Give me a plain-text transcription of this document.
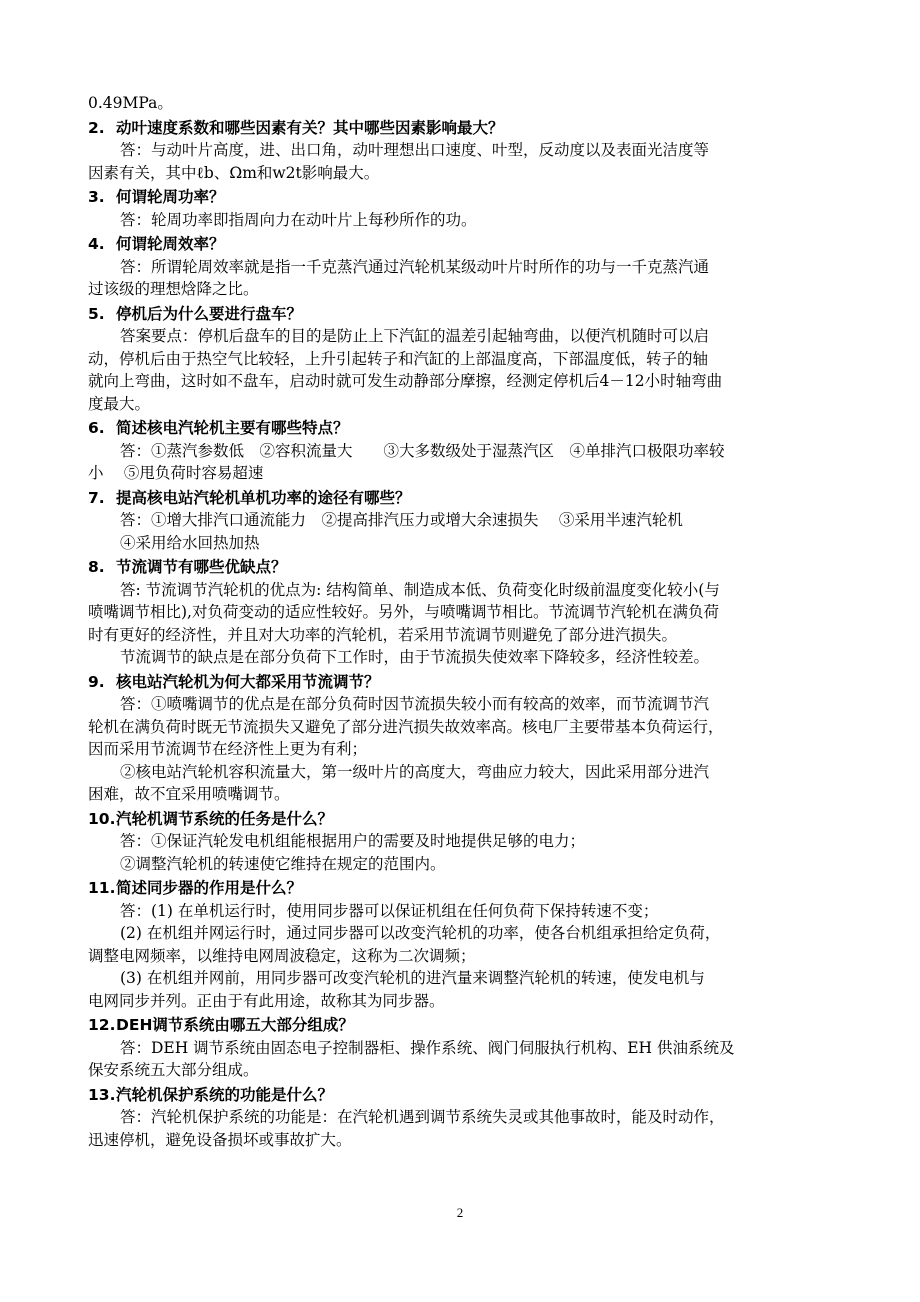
0.49MPa。
2. 动叶速度系数和哪些因素有关？其中哪些因素影响最大？
答：与动叶片高度，进、出口角，动叶理想出口速度、叶型，反动度以及表面光洁度等
因素有关，其中ℓb、Ωm和w2t影响最大。
3. 何谓轮周功率？
答：轮周功率即指周向力在动叶片上每秒所作的功。
4. 何谓轮周效率？
答：所谓轮周效率就是指一千克蒸汽通过汽轮机某级动叶片时所作的功与一千克蒸汽通
过该级的理想焓降之比。
5. 停机后为什么要进行盘车？
答案要点：停机后盘车的目的是防止上下汽缸的温差引起轴弯曲，以便汽机随时可以启
动，停机后由于热空气比较轻，上升引起转子和汽缸的上部温度高，下部温度低，转子的轴
就向上弯曲，这时如不盘车，启动时就可发生动静部分摩擦，经测定停机后4－12小时轴弯曲
度最大。
6. 简述核电汽轮机主要有哪些特点？
答：①蒸汽参数低　②容积流量大　　③大多数级处于湿蒸汽区　④单排汽口极限功率较
小　 ⑤甩负荷时容易超速
7. 提高核电站汽轮机单机功率的途径有哪些？
答：①增大排汽口通流能力　②提高排汽压力或增大余速损失　 ③采用半速汽轮机
④采用给水回热加热
8. 节流调节有哪些优缺点？
答: 节流调节汽轮机的优点为: 结构简单、制造成本低、负荷变化时级前温度变化较小(与
喷嘴调节相比),对负荷变动的适应性较好。另外，与喷嘴调节相比。节流调节汽轮机在满负荷
时有更好的经济性，并且对大功率的汽轮机，若采用节流调节则避免了部分进汽损失。
节流调节的缺点是在部分负荷下工作时，由于节流损失使效率下降较多，经济性较差。
9. 核电站汽轮机为何大都采用节流调节？
答：①喷嘴调节的优点是在部分负荷时因节流损失较小而有较高的效率，而节流调节汽
轮机在满负荷时既无节流损失又避免了部分进汽损失故效率高。核电厂主要带基本负荷运行，
因而采用节流调节在经济性上更为有利；
②核电站汽轮机容积流量大，第一级叶片的高度大，弯曲应力较大，因此采用部分进汽
困难，故不宜采用喷嘴调节。
10.汽轮机调节系统的任务是什么？
答：①保证汽轮发电机组能根据用户的需要及时地提供足够的电力；
②调整汽轮机的转速使它维持在规定的范围内。
11.简述同步器的作用是什么？
答：(1) 在单机运行时，使用同步器可以保证机组在任何负荷下保持转速不变；
(2) 在机组并网运行时，通过同步器可以改变汽轮机的功率，使各台机组承担给定负荷，
调整电网频率，以维持电网周波稳定，这称为二次调频；
(3) 在机组并网前，用同步器可改变汽轮机的进汽量来调整汽轮机的转速，使发电机与
电网同步并列。正由于有此用途，故称其为同步器。
12.DEH调节系统由哪五大部分组成？
答：DEH 调节系统由固态电子控制器柜、操作系统、阀门伺服执行机构、EH 供油系统及
保安系统五大部分组成。
13.汽轮机保护系统的功能是什么？
答：汽轮机保护系统的功能是：在汽轮机遇到调节系统失灵或其他事故时，能及时动作，
迅速停机，避免设备损坏或事故扩大。
2
